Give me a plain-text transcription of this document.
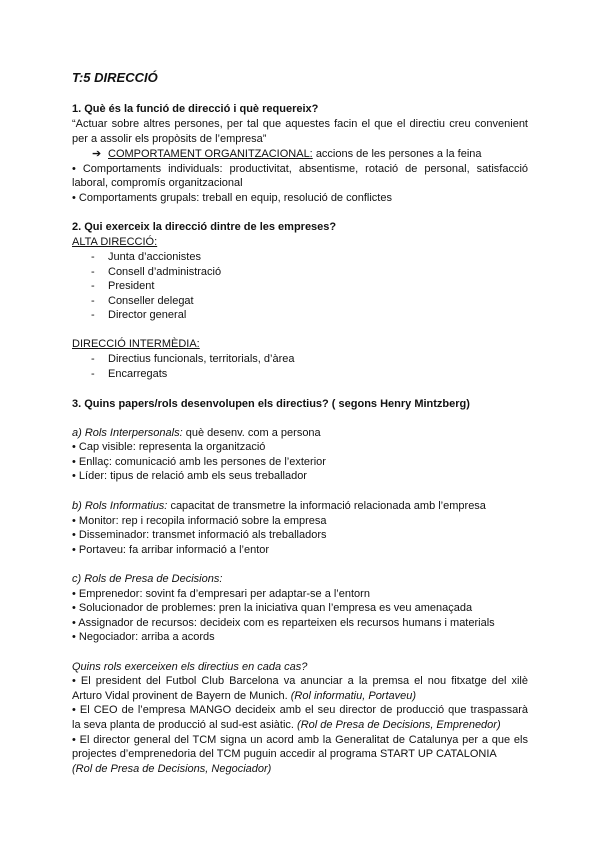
T:5 DIRECCIÓ
1. Què és la funció de direcció i què requereix?
“Actuar sobre altres persones, per tal que aquestes facin el que el directiu creu convenient
per a assolir els propòsits de l’empresa”
➔ COMPORTAMENT ORGANITZACIONAL: accions de les persones a la feina
• Comportaments individuals: productivitat, absentisme, rotació de personal, satisfacció
laboral, compromís organitzacional
• Comportaments grupals: treball en equip, resolució de conflictes
2. Qui exerceix la direcció dintre de les empreses?
ALTA DIRECCIÓ:
- Junta d’accionistes
- Consell d’administració
- President
- Conseller delegat
- Director general
DIRECCIÓ INTERMÈDIA:
- Directius funcionals, territorials, d’àrea
- Encarregats
3. Quins papers/rols desenvolupen els directius? ( segons Henry Mintzberg)
a) Rols Interpersonals: què desenv. com a persona
• Cap visible: representa la organització
• Enllaç: comunicació amb les persones de l’exterior
• Líder: tipus de relació amb els seus treballador
b) Rols Informatius: capacitat de transmetre la informació relacionada amb l’empresa
• Monitor: rep i recopila informació sobre la empresa
• Disseminador: transmet informació als treballadors
• Portaveu: fa arribar informació a l’entor
c) Rols de Presa de Decisions:
• Emprenedor: sovint fa d’empresari per adaptar-se a l’entorn
• Solucionador de problemes: pren la iniciativa quan l’empresa es veu amenaçada
• Assignador de recursos: decideix com es reparteixen els recursos humans i materials
• Negociador: arriba a acords
Quins rols exerceixen els directius en cada cas?
• El president del Futbol Club Barcelona va anunciar a la premsa el nou fitxatge del xilè
Arturo Vidal provinent de Bayern de Munich. (Rol informatiu, Portaveu)
• El CEO de l’empresa MANGO decideix amb el seu director de producció que traspassarà
la seva planta de producció al sud-est asiàtic. (Rol de Presa de Decisions, Emprenedor)
• El director general del TCM signa un acord amb la Generalitat de Catalunya per a que els
projectes d’emprenedoria del TCM puguin accedir al programa START UP CATALONIA
(Rol de Presa de Decisions, Negociador)
